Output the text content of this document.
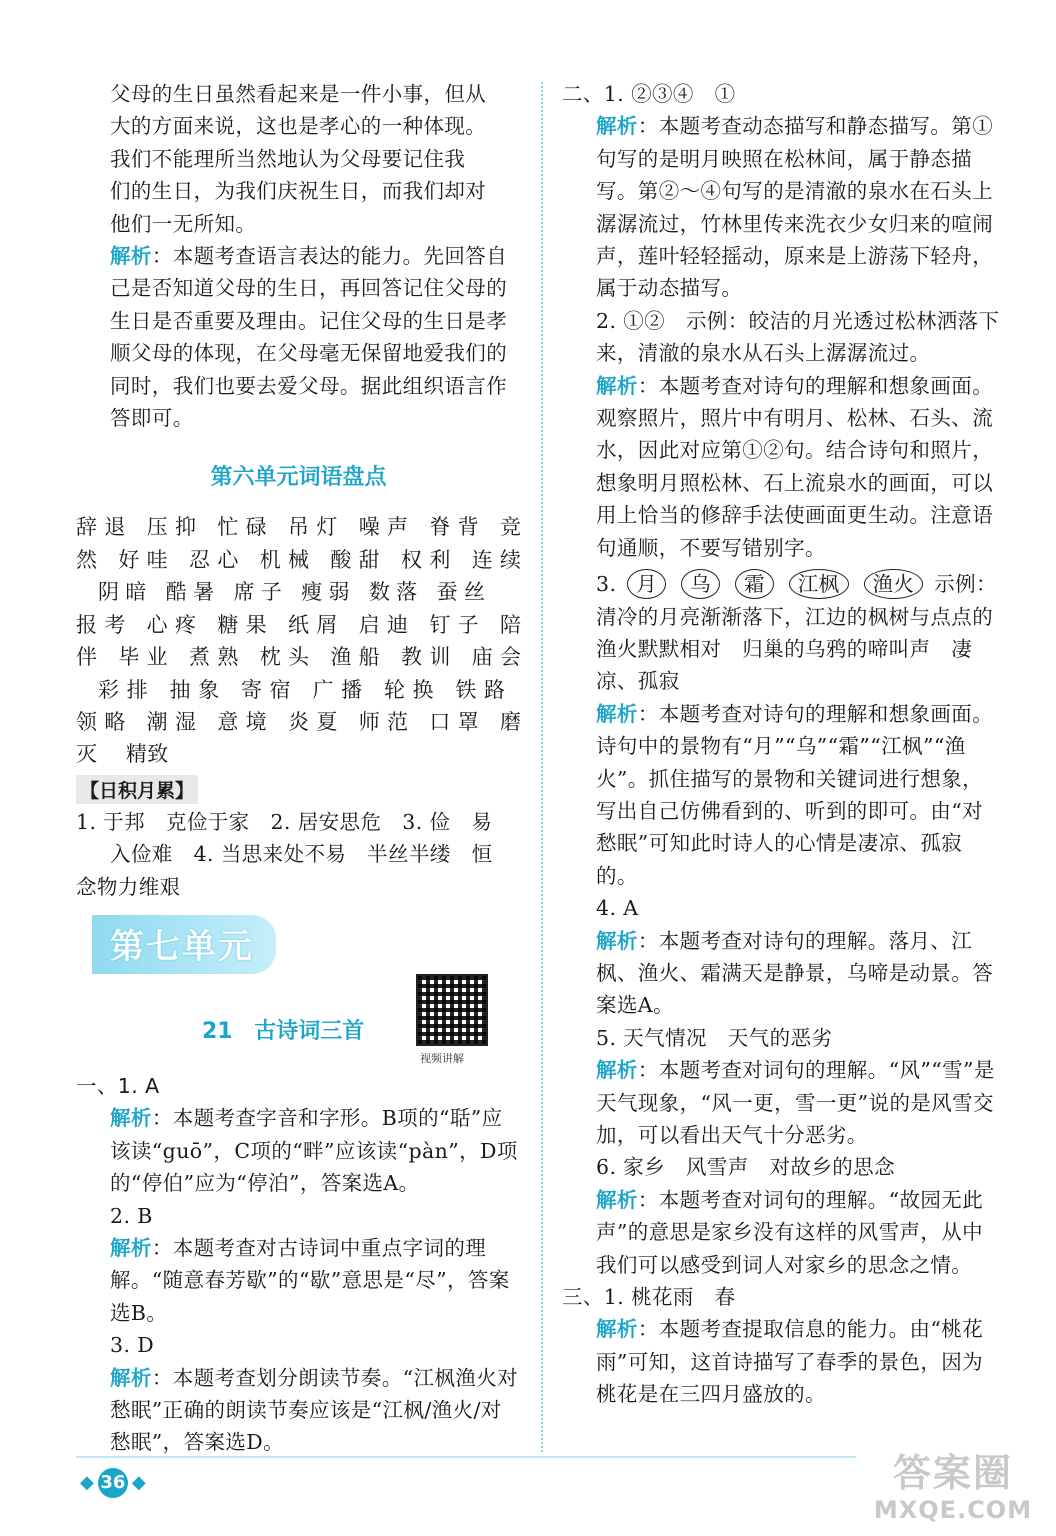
父母的生日虽然看起来是一件小事，但从

大的方面来说，这也是孝心的一种体现。

我们不能理所当然地认为父母要记住我

们的生日，为我们庆祝生日，而我们却对

他们一无所知。

解析：本题考查语言表达的能力。先回答自己是否知道父母的生日，再回答记住父母的生日是否重要及理由。记住父母的生日是孝顺父母的体现，在父母毫无保留地爱我们的同时，我们也要去爱父母。据此组织语言作答即可。

第六单元词语盘点

辞退 压抑 忙碌 吊灯 噪声 脊背 竞

然 好哇 忍心 机械 酸甜 权利 连续

阴暗 酷暑 席子 瘦弱 数落 蚕丝

报考 心疼 糖果 纸屑 启迪 钉子 陪

伴 毕业 煮熟 枕头 渔船 教训 庙会

彩排 抽象 寄宿 广播 轮换 铁路

领略 潮湿 意境 炎夏 师范 口罩 磨

灭　 精致

【日积月累】

1. 于邦　克俭于家　2. 居安思危　3. 俭　易

入俭难　4. 当思来处不易　半丝半缕　恒

念物力维艰

第七单元
21 古诗词三首
视频讲解

一、1. A

解析：本题考查字音和字形。B项的“聒”应该读“guō”，C项的“畔”应该读“pàn”，D项的“停伯”应为“停泊”，答案选A。

2. B

解析：本题考查对古诗词中重点字词的理解。“随意春芳歇”的“歇”意思是“尽”，答案选B。

3. D

解析：本题考查划分朗读节奏。“江枫渔火对愁眠”正确的朗读节奏应该是“江枫/渔火/对愁眠”，答案选D。

二、1. ②③④　①

解析：本题考查动态描写和静态描写。第①句写的是明月映照在松林间，属于静态描写。第②～④句写的是清澈的泉水在石头上潺潺流过，竹林里传来洗衣少女归来的喧闹声，莲叶轻轻摇动，原来是上游荡下轻舟，属于动态描写。

2. ①②　示例：皎洁的月光透过松林洒落下来，清澈的泉水从石头上潺潺流过。

解析：本题考查对诗句的理解和想象画面。观察照片，照片中有明月、松林、石头、流水，因此对应第①②句。结合诗句和照片，想象明月照松林、石上流泉水的画面，可以用上恰当的修辞手法使画面更生动。注意语句通顺，不要写错别字。

3. 月 乌 霜 江枫 渔火 示例：清冷的月亮渐渐落下，江边的枫树与点点的渔火默默相对　归巢的乌鸦的啼叫声　凄凉、孤寂

解析：本题考查对诗句的理解和想象画面。诗句中的景物有“月”“乌”“霜”“江枫”“渔火”。抓住描写的景物和关键词进行想象，写出自己仿佛看到的、听到的即可。由“对愁眠”可知此时诗人的心情是凄凉、孤寂的。

4. A

解析：本题考查对诗句的理解。落月、江枫、渔火、霜满天是静景，乌啼是动景。答案选A。

5. 天气情况　天气的恶劣

解析：本题考查对词句的理解。“风”“雪”是天气现象，“风一更，雪一更”说的是风雪交加，可以看出天气十分恶劣。

6. 家乡　风雪声　对故乡的思念

解析：本题考查对词句的理解。“故园无此声”的意思是家乡没有这样的风雪声，从中我们可以感受到词人对家乡的思念之情。

三、1. 桃花雨　春

解析：本题考查提取信息的能力。由“桃花雨”可知，这首诗描写了春季的景色，因为桃花是在三四月盛放的。

◆ 36 ◆	答案圈
MXQE.COM
